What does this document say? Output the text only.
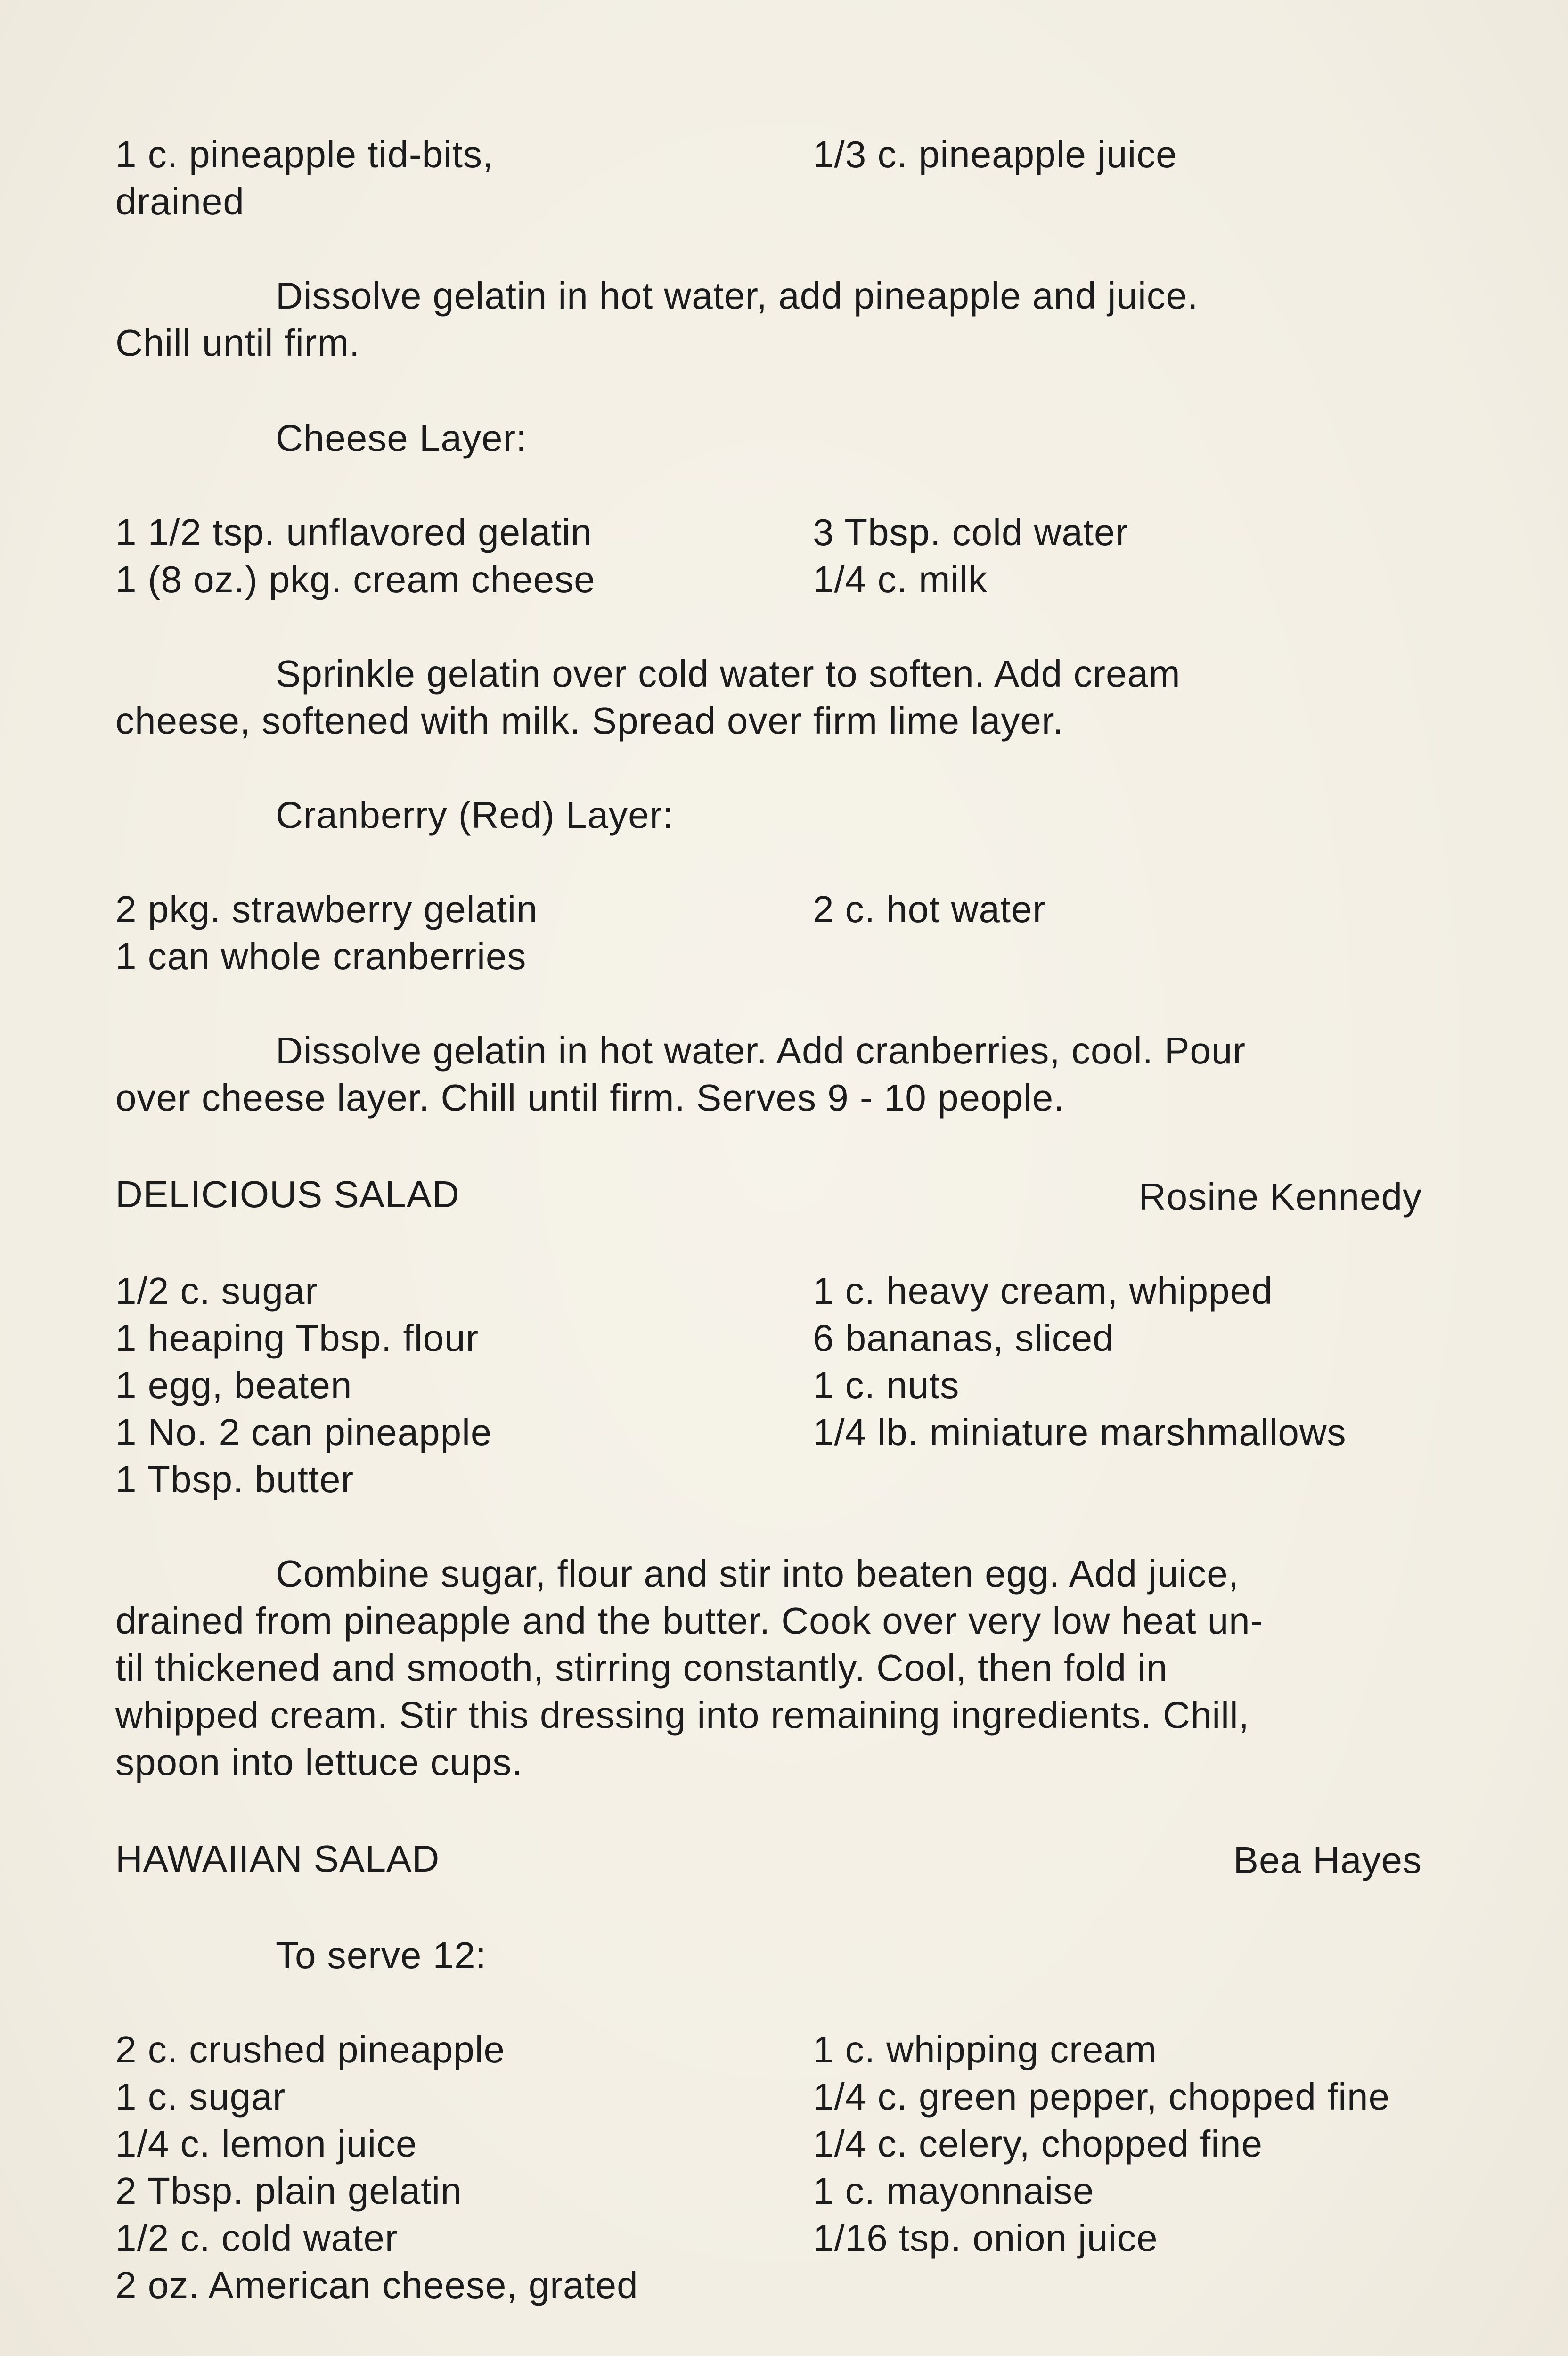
1 c. pineapple tid-bits,
drained
1/3 c. pineapple juice
Dissolve gelatin in hot water, add pineapple and juice.
Chill until firm.
Cheese Layer:
1 1/2 tsp. unflavored gelatin
1 (8 oz.) pkg. cream cheese
3 Tbsp. cold water
1/4 c. milk
Sprinkle gelatin over cold water to soften. Add cream
cheese, softened with milk. Spread over firm lime layer.
Cranberry (Red) Layer:
2 pkg. strawberry gelatin
1 can whole cranberries
2 c. hot water
Dissolve gelatin in hot water. Add cranberries, cool. Pour
over cheese layer. Chill until firm. Serves 9 - 10 people.
DELICIOUS SALAD	Rosine Kennedy
1/2 c. sugar
1 heaping Tbsp. flour
1 egg, beaten
1 No. 2 can pineapple
1 Tbsp. butter
1 c. heavy cream, whipped
6 bananas, sliced
1 c. nuts
1/4 lb. miniature marshmallows
Combine sugar, flour and stir into beaten egg. Add juice,
drained from pineapple and the butter. Cook over very low heat un-
til thickened and smooth, stirring constantly. Cool, then fold in
whipped cream. Stir this dressing into remaining ingredients. Chill,
spoon into lettuce cups.
HAWAIIAN SALAD	Bea Hayes
To serve 12:
2 c. crushed pineapple
1 c. sugar
1/4 c. lemon juice
2 Tbsp. plain gelatin
1/2 c. cold water
2 oz. American cheese, grated
1 c. whipping cream
1/4 c. green pepper, chopped fine
1/4 c. celery, chopped fine
1 c. mayonnaise
1/16 tsp. onion juice
